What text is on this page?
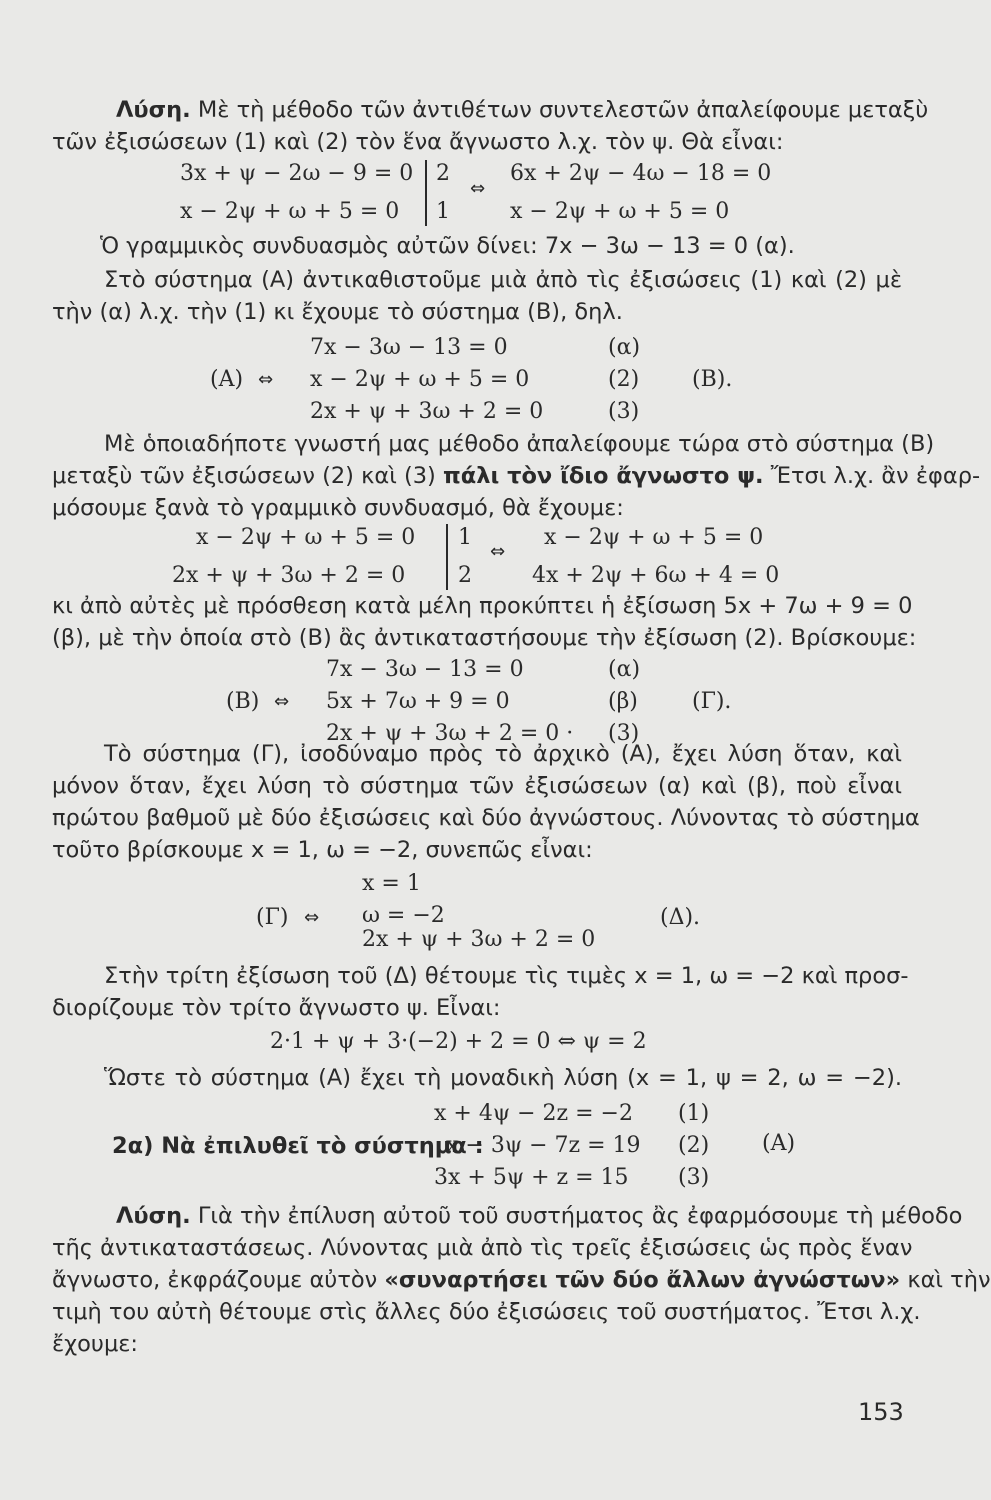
Λύση. Μὲ τὴ μέθοδο τῶν ἀντιθέτων συντελεστῶν ἀπαλείφουμε μεταξὺ
τῶν ἐξισώσεων (1) καὶ (2) τὸν ἕνα ἄγνωστο λ.χ. τὸν ψ. Θὰ εἶναι:
3x + ψ − 2ω − 9 = 0
x − 2ψ + ω + 5 = 0
2
1
⇔
6x + 2ψ − 4ω − 18 = 0
x − 2ψ + ω + 5 = 0
Ὁ γραμμικὸς συνδυασμὸς αὐτῶν δίνει: 7x − 3ω − 13 = 0 (α).
Στὸ σύστημα (Α) ἀντικαθιστοῦμε μιὰ ἀπὸ τὶς ἐξισώσεις (1) καὶ (2) μὲ
τὴν (α) λ.χ. τὴν (1) κι ἔχουμε τὸ σύστημα (Β), δηλ.
(Α) ⇔
7x − 3ω − 13 = 0
x − 2ψ + ω + 5 = 0
2x + ψ + 3ω + 2 = 0
(α)
(2)
(3)
(Β).
Μὲ ὁποιαδήποτε γνωστή μας μέθοδο ἀπαλείφουμε τώρα στὸ σύστημα (Β)
μεταξὺ τῶν ἐξισώσεων (2) καὶ (3) πάλι τὸν ἴδιο ἄγνωστο ψ. Ἔτσι λ.χ. ἂν ἐφαρ-
μόσουμε ξανὰ τὸ γραμμικὸ συνδυασμό, θὰ ἔχουμε:
x − 2ψ + ω + 5 = 0
2x + ψ + 3ω + 2 = 0
1
2
⇔
x − 2ψ + ω + 5 = 0
4x + 2ψ + 6ω + 4 = 0
κι ἀπὸ αὐτὲς μὲ πρόσθεση κατὰ μέλη προκύπτει ἡ ἐξίσωση 5x + 7ω + 9 = 0
(β), μὲ τὴν ὁποία στὸ (Β) ἂς ἀντικαταστήσουμε τὴν ἐξίσωση (2). Βρίσκουμε:
(Β) ⇔
7x − 3ω − 13 = 0
5x + 7ω + 9 = 0
2x + ψ + 3ω + 2 = 0 ·
(α)
(β)
(3)
(Γ).
Τὸ σύστημα (Γ), ἰσοδύναμο πρὸς τὸ ἀρχικὸ (Α), ἔχει λύση ὅταν, καὶ
μόνον ὅταν, ἔχει λύση τὸ σύστημα τῶν ἐξισώσεων (α) καὶ (β), ποὺ εἶναι
πρώτου βαθμοῦ μὲ δύο ἐξισώσεις καὶ δύο ἀγνώστους. Λύνοντας τὸ σύστημα
τοῦτο βρίσκουμε x = 1, ω = −2, συνεπῶς εἶναι:
(Γ) ⇔
x = 1
ω = −2
2x + ψ + 3ω + 2 = 0
(Δ).
Στὴν τρίτη ἐξίσωση τοῦ (Δ) θέτουμε τὶς τιμὲς x = 1, ω = −2 καὶ προσ-
διορίζουμε τὸν τρίτο ἄγνωστο ψ. Εἶναι:
2·1 + ψ + 3·(−2) + 2 = 0 ⇔ ψ = 2
Ὥστε τὸ σύστημα (Α) ἔχει τὴ μοναδικὴ λύση (x = 1, ψ = 2, ω = −2).
x + 4ψ − 2z = −2
2α) Νὰ ἐπιλυθεῖ τὸ σύστημα :
x − 3ψ − 7z = 19
3x + 5ψ + z = 15
(1)
(2)
(3)
(Α)
Λύση. Γιὰ τὴν ἐπίλυση αὐτοῦ τοῦ συστήματος ἂς ἐφαρμόσουμε τὴ μέθοδο
τῆς ἀντικαταστάσεως. Λύνοντας μιὰ ἀπὸ τὶς τρεῖς ἐξισώσεις ὡς πρὸς ἕναν
ἄγνωστο, ἐκφράζουμε αὐτὸν «συναρτήσει τῶν δύο ἄλλων ἀγνώστων» καὶ τὴν
τιμὴ του αὐτὴ θέτουμε στὶς ἄλλες δύο ἐξισώσεις τοῦ συστήματος. Ἔτσι λ.χ.
ἔχουμε:
153
